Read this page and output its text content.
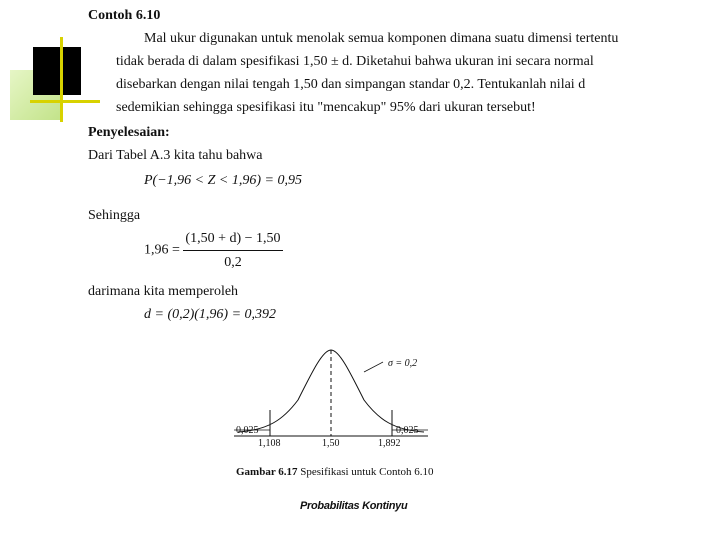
Contoh 6.10
Mal ukur digunakan untuk menolak semua komponen dimana suatu dimensi tertentu
tidak berada di dalam spesifikasi 1,50 ± d. Diketahui bahwa ukuran ini secara normal
disebarkan dengan nilai tengah 1,50 dan simpangan standar 0,2. Tentukanlah nilai d
sedemikian sehingga spesifikasi itu "mencakup" 95% dari ukuran tersebut!
Penyelesaian:
Dari Tabel A.3 kita tahu bahwa
P(−1,96 < Z < 1,96) = 0,95
Sehingga
$1,96 = \frac{(1,50 + d) - 1,50}{0,2}$
darimana kita memperoleh
d = (0,2)(1,96) = 0,392
σ = 0,2
0,025	0,025
1,108	1,50	1,892
Gambar 6.17 Spesifikasi untuk Contoh 6.10
Probabilitas Kontinyu
